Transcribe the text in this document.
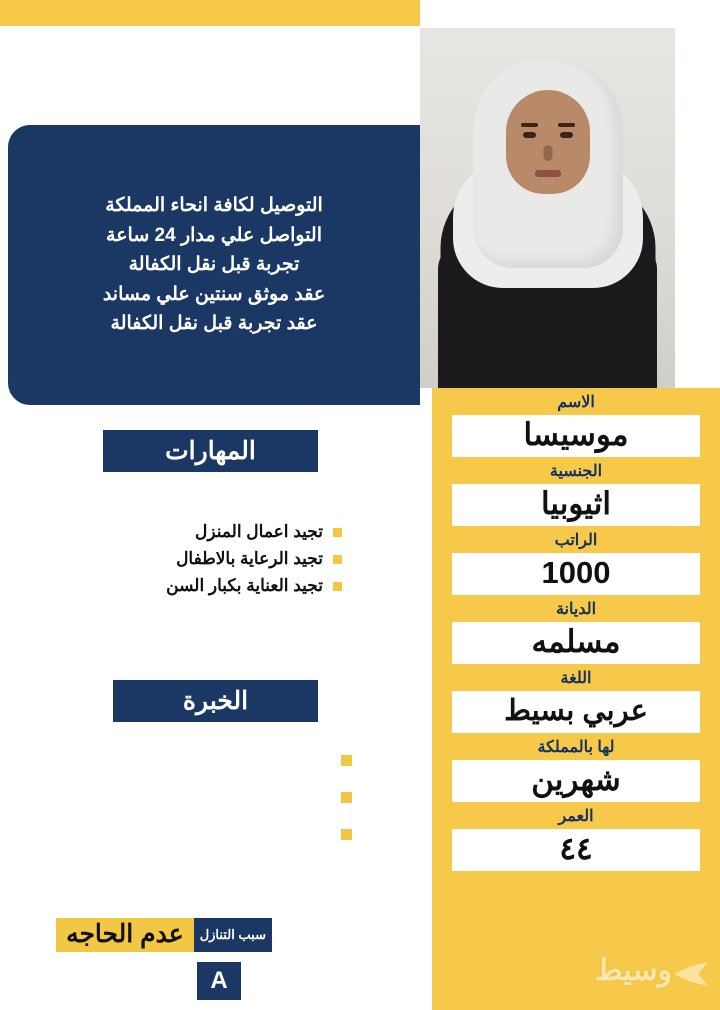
التوصيل لكافة انحاء المملكة
التواصل علي مدار 24 ساعة
تجربة قبل نقل الكفالة
عقد موثق سنتين علي مساند
عقد تجربة قبل نقل الكفالة
المهارات
تجيد اعمال المنزل
تجيد الرعاية بالاطفال
تجيد العناية بكبار السن
الخبرة
سبب التنازل
عدم الحاجه
A
الاسم
موسيسا
الجنسية
اثيوبيا
الراتب
1000
الديانة
مسلمه
اللغة
عربي بسيط
لها بالمملكة
شهرين
العمر
٤٤
وسيط
